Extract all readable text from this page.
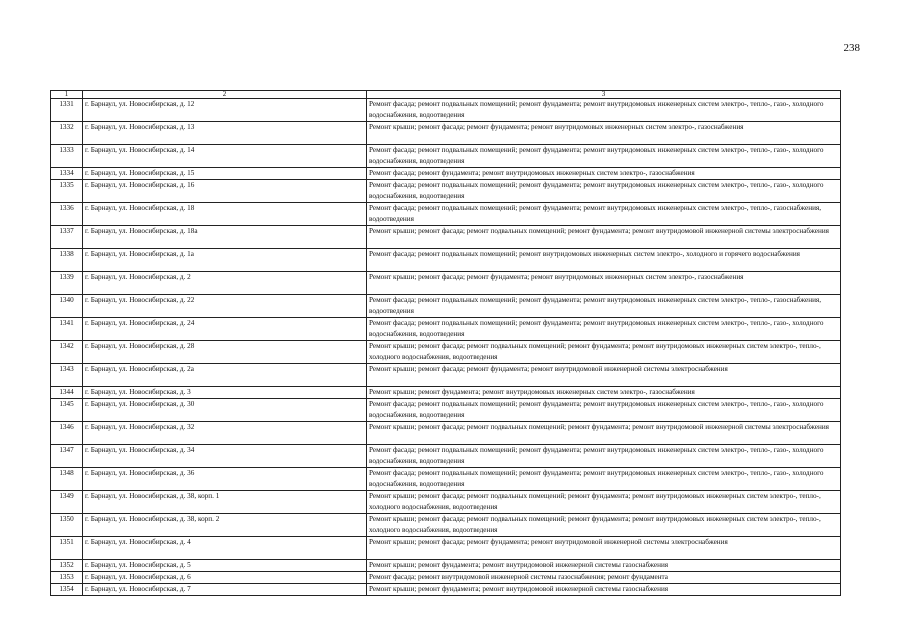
238
1	2	3
1331	г. Барнаул, ул. Новосибирская, д. 12	Ремонт фасада; ремонт подвальных помещений; ремонт фундамента; ремонт внутридомовых инженерных систем электро-, тепло-, газо-, холодного водоснабжения, водоотведения
1332	г. Барнаул, ул. Новосибирская, д. 13	Ремонт крыши; ремонт фасада; ремонт фундамента; ремонт внутридомовых инженерных систем электро-, газоснабжения
1333	г. Барнаул, ул. Новосибирская, д. 14	Ремонт фасада; ремонт подвальных помещений; ремонт фундамента; ремонт внутридомовых инженерных систем электро-, тепло-, газо-, холодного водоснабжения, водоотведения
1334	г. Барнаул, ул. Новосибирская, д. 15	Ремонт фасада; ремонт фундамента; ремонт внутридомовых инженерных систем электро-, газоснабжения
1335	г. Барнаул, ул. Новосибирская, д. 16	Ремонт фасада; ремонт подвальных помещений; ремонт фундамента; ремонт внутридомовых инженерных систем электро-, тепло-, газо-, холодного водоснабжения, водоотведения
1336	г. Барнаул, ул. Новосибирская, д. 18	Ремонт фасада; ремонт подвальных помещений; ремонт фундамента; ремонт внутридомовых инженерных систем электро-, тепло-, газоснабжения, водоотведения
1337	г. Барнаул, ул. Новосибирская, д. 18а	Ремонт крыши; ремонт фасада; ремонт подвальных помещений; ремонт фундамента; ремонт внутридомовой инженерной системы электроснабжения
1338	г. Барнаул, ул. Новосибирская, д. 1а	Ремонт фасада; ремонт подвальных помещений; ремонт внутридомовых инженерных систем электро-, холодного и горячего водоснабжения
1339	г. Барнаул, ул. Новосибирская, д. 2	Ремонт крыши; ремонт фасада; ремонт фундамента; ремонт внутридомовых инженерных систем электро-, газоснабжения
1340	г. Барнаул, ул. Новосибирская, д. 22	Ремонт фасада; ремонт подвальных помещений; ремонт фундамента; ремонт внутридомовых инженерных систем электро-, тепло-, газоснабжения, водоотведения
1341	г. Барнаул, ул. Новосибирская, д. 24	Ремонт фасада; ремонт подвальных помещений; ремонт фундамента; ремонт внутридомовых инженерных систем электро-, тепло-, газо-, холодного водоснабжения, водоотведения
1342	г. Барнаул, ул. Новосибирская, д. 28	Ремонт крыши; ремонт фасада; ремонт подвальных помещений; ремонт фундамента; ремонт внутридомовых инженерных систем электро-, тепло-, холодного водоснабжения, водоотведения
1343	г. Барнаул, ул. Новосибирская, д. 2а	Ремонт крыши; ремонт фасада; ремонт фундамента; ремонт внутридомовой инженерной системы электроснабжения
1344	г. Барнаул, ул. Новосибирская, д. 3	Ремонт крыши; ремонт фундамента; ремонт внутридомовых инженерных систем электро-, газоснабжения
1345	г. Барнаул, ул. Новосибирская, д. 30	Ремонт фасада; ремонт подвальных помещений; ремонт фундамента; ремонт внутридомовых инженерных систем электро-, тепло-, газо-, холодного водоснабжения, водоотведения
1346	г. Барнаул, ул. Новосибирская, д. 32	Ремонт крыши; ремонт фасада; ремонт подвальных помещений; ремонт фундамента; ремонт внутридомовой инженерной системы электроснабжения
1347	г. Барнаул, ул. Новосибирская, д. 34	Ремонт фасада; ремонт подвальных помещений; ремонт фундамента; ремонт внутридомовых инженерных систем электро-, тепло-, газо-, холодного водоснабжения, водоотведения
1348	г. Барнаул, ул. Новосибирская, д. 36	Ремонт фасада; ремонт подвальных помещений; ремонт фундамента; ремонт внутридомовых инженерных систем электро-, тепло-, газо-, холодного водоснабжения, водоотведения
1349	г. Барнаул, ул. Новосибирская, д. 38, корп. 1	Ремонт крыши; ремонт фасада; ремонт подвальных помещений; ремонт фундамента; ремонт внутридомовых инженерных систем электро-, тепло-, холодного водоснабжения, водоотведения
1350	г. Барнаул, ул. Новосибирская, д. 38, корп. 2	Ремонт крыши; ремонт фасада; ремонт подвальных помещений; ремонт фундамента; ремонт внутридомовых инженерных систем электро-, тепло-, холодного водоснабжения, водоотведения
1351	г. Барнаул, ул. Новосибирская, д. 4	Ремонт крыши; ремонт фасада; ремонт фундамента; ремонт внутридомовой инженерной системы электроснабжения
1352	г. Барнаул, ул. Новосибирская, д. 5	Ремонт крыши; ремонт фундамента; ремонт внутридомовой инженерной системы газоснабжения
1353	г. Барнаул, ул. Новосибирская, д. 6	Ремонт фасада; ремонт внутридомовой инженерной системы газоснабжения; ремонт фундамента
1354	г. Барнаул, ул. Новосибирская, д. 7	Ремонт крыши; ремонт фундамента; ремонт внутридомовой инженерной системы газоснабжения
